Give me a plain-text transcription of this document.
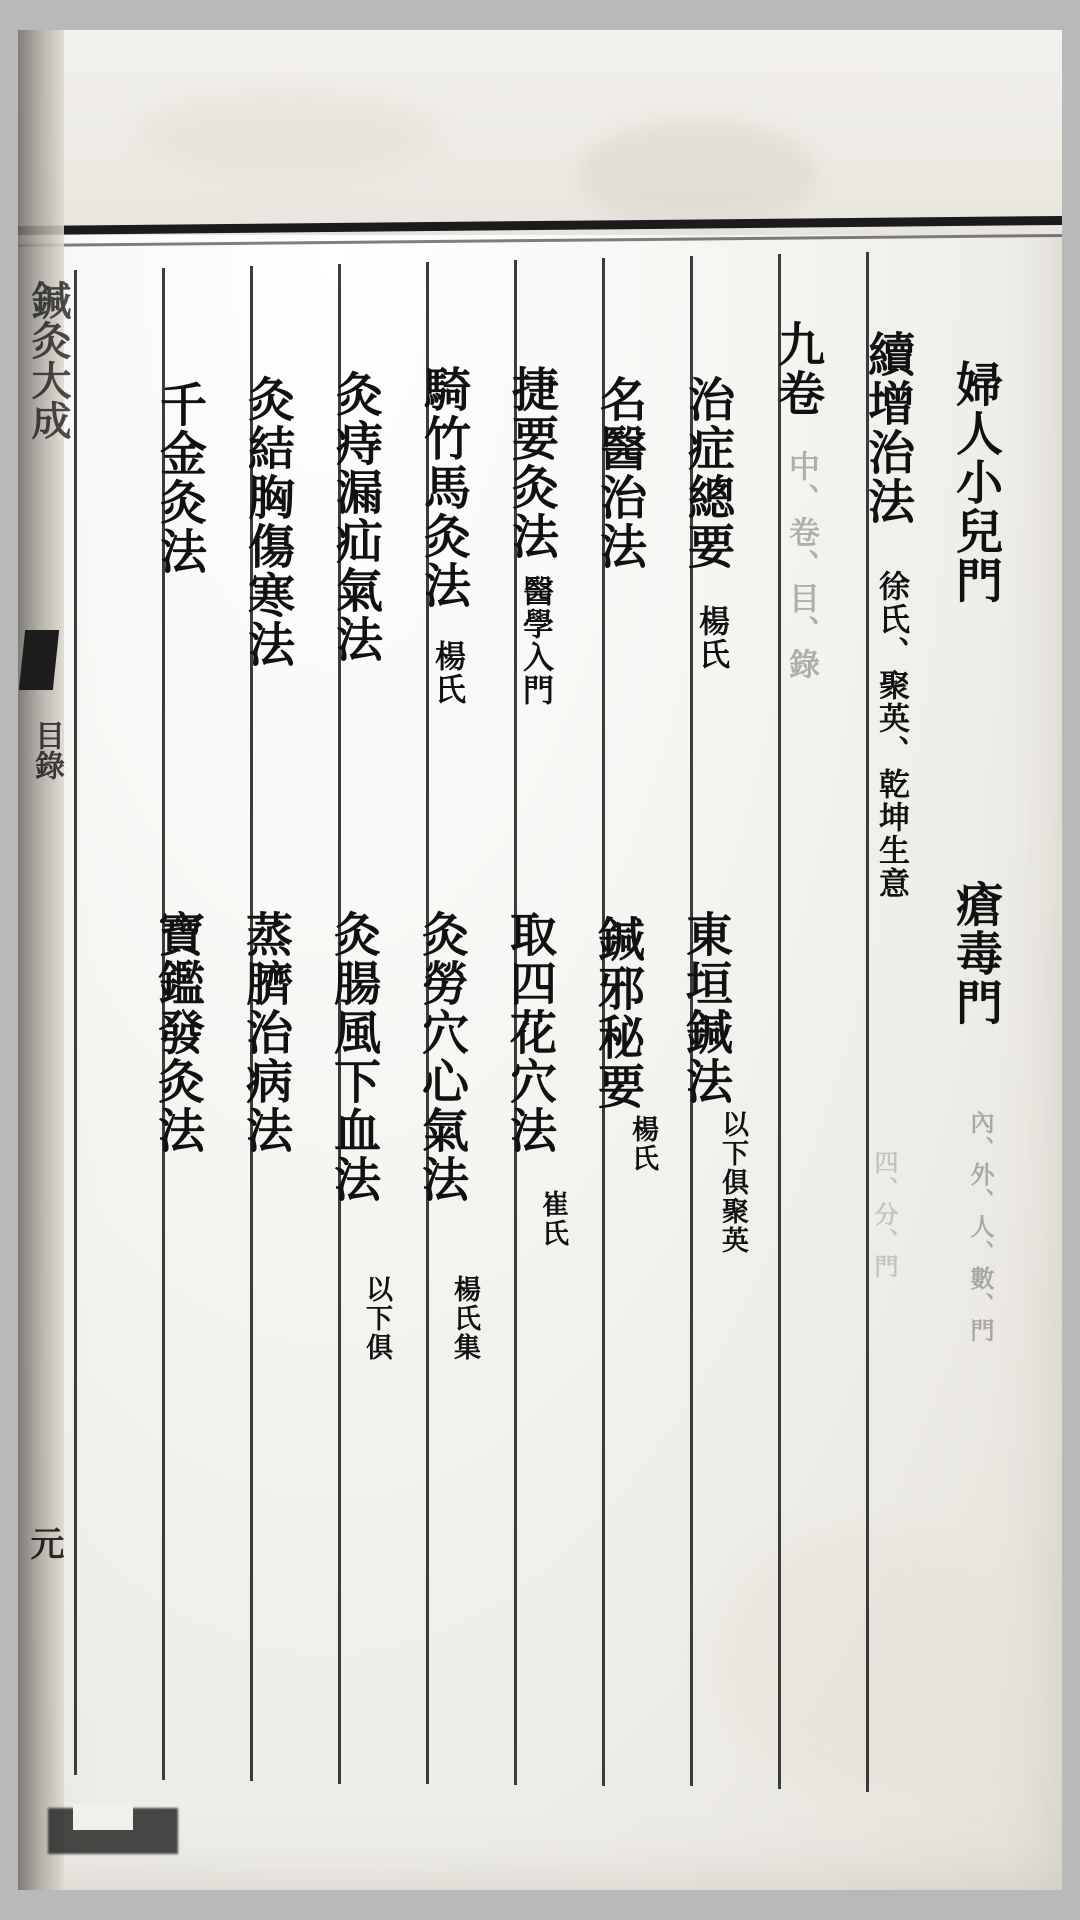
鍼灸大成
目錄
元
婦人小兒門
瘡毒門
內、外、人、數、門
續增治法
徐氏、聚英、乾坤生意
四、分、門
九卷
中、卷、目、錄
治症總要
楊氏
東垣鍼法
以下俱聚英
名醫治法
鍼邪秘要
楊氏
捷要灸法
醫學入門
取四花穴法
崔氏
騎竹馬灸法
楊氏
灸勞穴心氣法
楊氏集
灸痔漏疝氣法
灸腸風下血法
以下俱
灸結胸傷寒法
蒸臍治病法
千金灸法
寶鑑發灸法
